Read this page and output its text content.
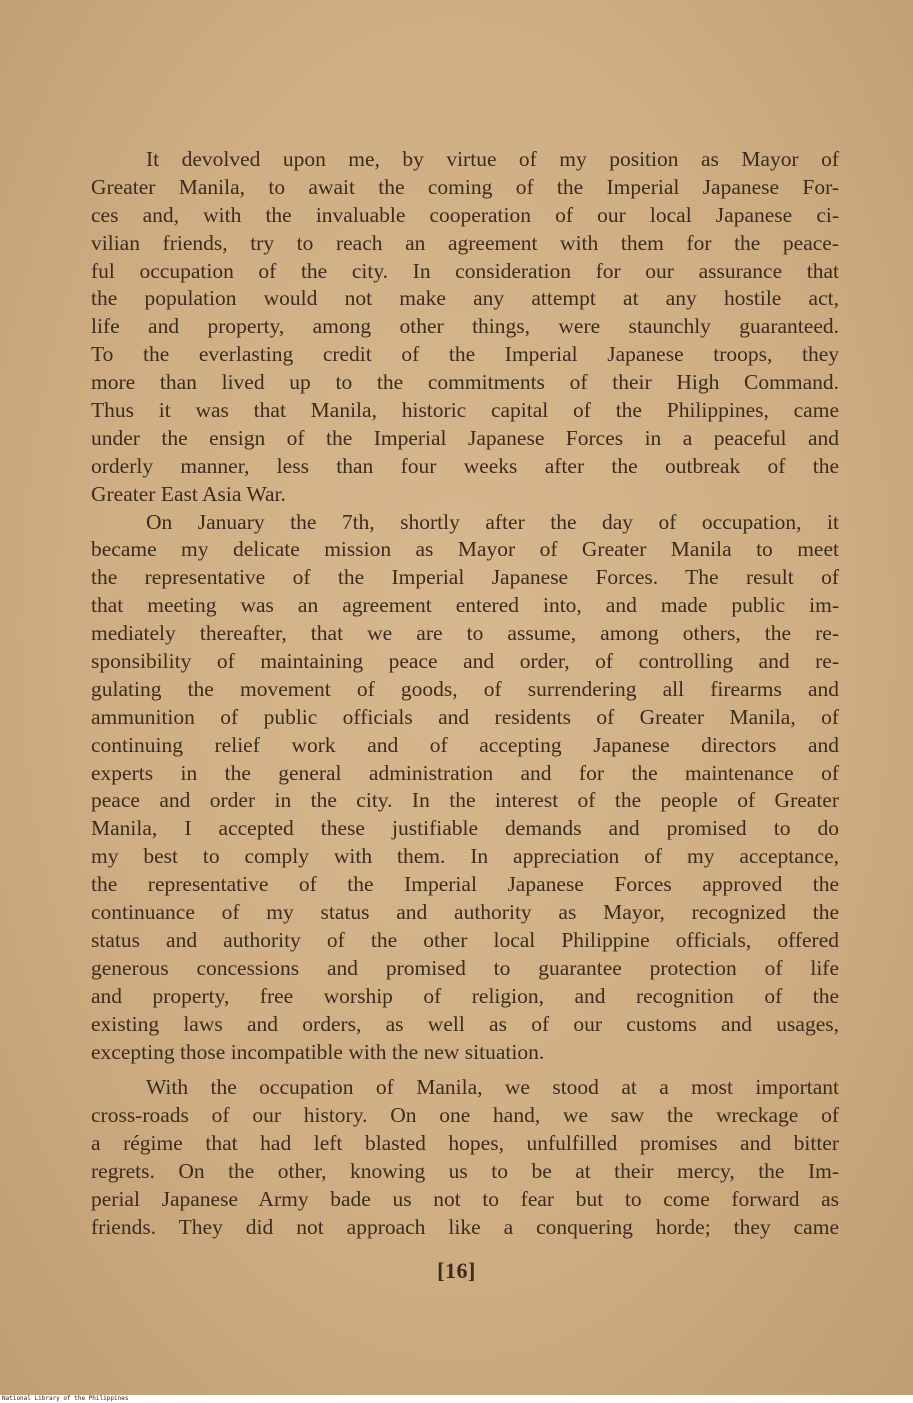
It devolved upon me, by virtue of my position as Mayor of
Greater Manila, to await the coming of the Imperial Japanese For-
ces and, with the invaluable cooperation of our local Japanese ci-
vilian friends, try to reach an agreement with them for the peace-
ful occupation of the city. In consideration for our assurance that
the population would not make any attempt at any hostile act,
life and property, among other things, were staunchly guaranteed.
To the everlasting credit of the Imperial Japanese troops, they
more than lived up to the commitments of their High Command.
Thus it was that Manila, historic capital of the Philippines, came
under the ensign of the Imperial Japanese Forces in a peaceful and
orderly manner, less than four weeks after the outbreak of the
Greater East Asia War.
On January the 7th, shortly after the day of occupation, it
became my delicate mission as Mayor of Greater Manila to meet
the representative of the Imperial Japanese Forces. The result of
that meeting was an agreement entered into, and made public im-
mediately thereafter, that we are to assume, among others, the re-
sponsibility of maintaining peace and order, of controlling and re-
gulating the movement of goods, of surrendering all firearms and
ammunition of public officials and residents of Greater Manila, of
continuing relief work and of accepting Japanese directors and
experts in the general administration and for the maintenance of
peace and order in the city. In the interest of the people of Greater
Manila, I accepted these justifiable demands and promised to do
my best to comply with them. In appreciation of my acceptance,
the representative of the Imperial Japanese Forces approved the
continuance of my status and authority as Mayor, recognized the
status and authority of the other local Philippine officials, offered
generous concessions and promised to guarantee protection of life
and property, free worship of religion, and recognition of the
existing laws and orders, as well as of our customs and usages,
excepting those incompatible with the new situation.
With the occupation of Manila, we stood at a most important
cross-roads of our history. On one hand, we saw the wreckage of
a régime that had left blasted hopes, unfulfilled promises and bitter
regrets. On the other, knowing us to be at their mercy, the Im-
perial Japanese Army bade us not to fear but to come forward as
friends. They did not approach like a conquering horde; they came
[16]
National Library of the Philippines
